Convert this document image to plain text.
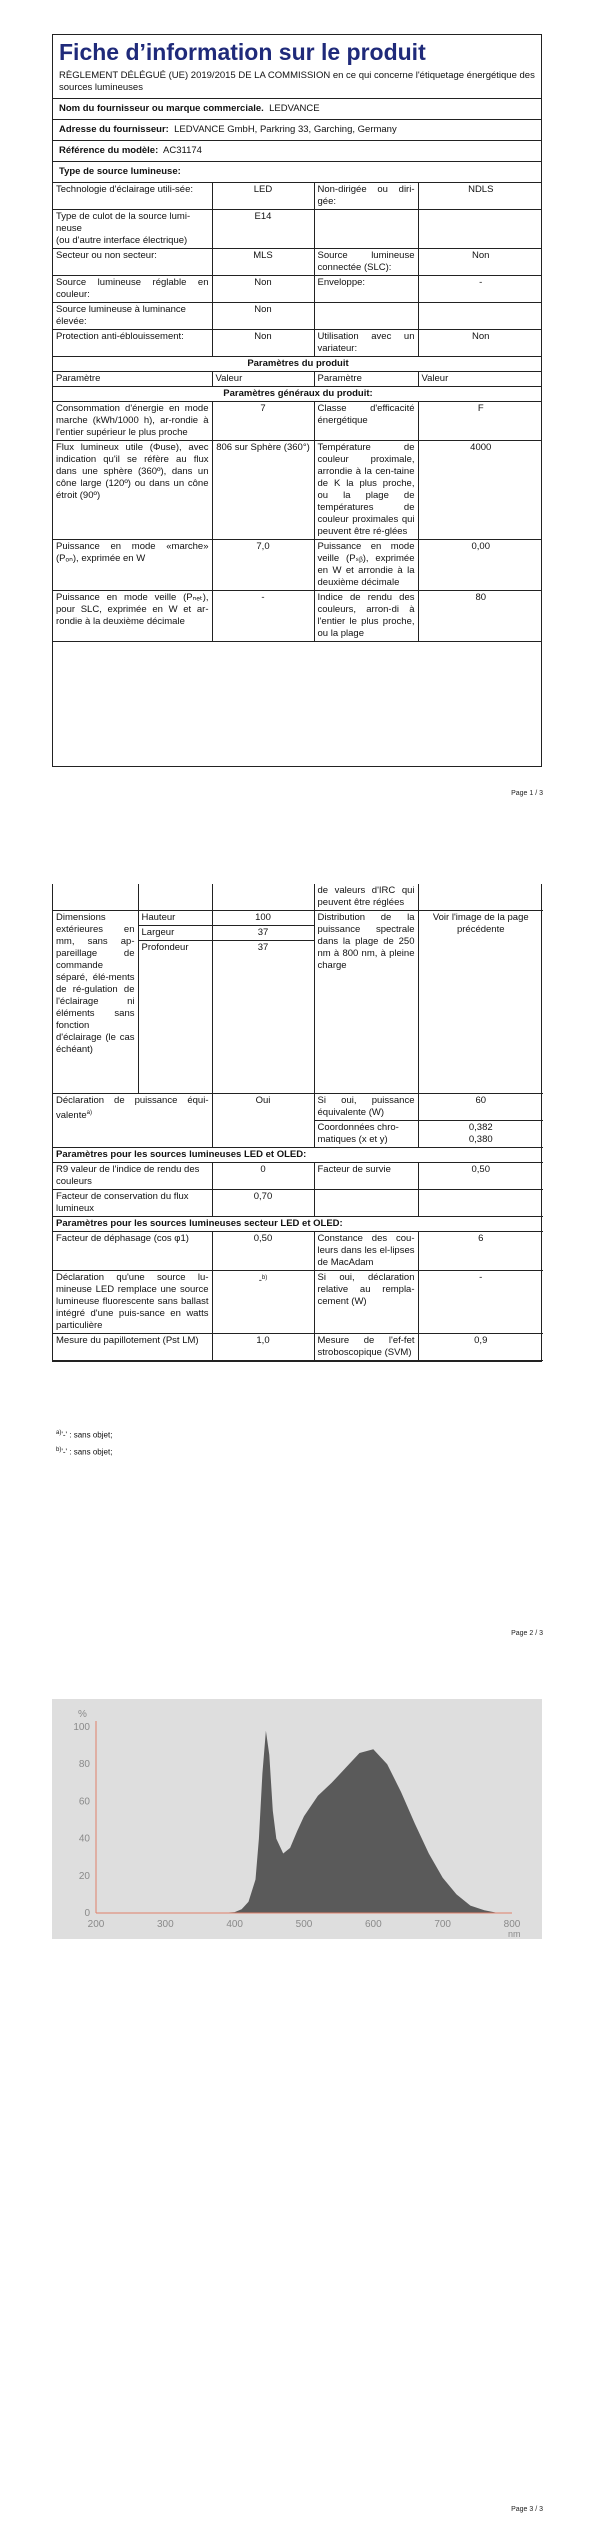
Fiche d’information sur le produit
RÈGLEMENT DÉLÉGUÉ (UE) 2019/2015 DE LA COMMISSION en ce qui concerne l'étiquetage énergétique des sources lumineuses
Nom du fournisseur ou marque commerciale. LEDVANCE
Adresse du fournisseur: LEDVANCE GmbH, Parkring 33, Garching, Germany
Référence du modèle: AC31174
Type de source lumineuse:
Technologie d'éclairage utili-sée:	LED	Non-dirigée ou diri-gée:	NDLS

Type de culot de la source lumi-neuse
(ou d'autre interface électrique)	E14		
Secteur ou non secteur:	MLS	Source lumineuse connectée (SLC):	Non
Source lumineuse réglable en couleur:	Non	Enveloppe:	-
Source lumineuse à luminance élevée:	Non		
Protection anti-éblouissement:	Non	Utilisation avec un variateur:	Non
Paramètres du produit			
Paramètre	Valeur	Paramètre	Valeur
Paramètres généraux du produit:			
Consommation d'énergie en mode marche (kWh/1000 h), ar-rondie à l'entier supérieur le plus proche	7	Classe d'efficacité énergétique	F
Flux lumineux utile (Φuse), avec indication qu'il se réfère au flux dans une sphère (360º), dans un cône large (120º) ou dans un cône étroit (90º)	806 sur Sphère (360°)	Température de couleur proximale, arrondie à la cen-taine de K la plus proche, ou la plage de températures de couleur proximales qui peuvent être ré-glées	4000
Puissance en mode «marche» (Pₒₙ), exprimée en W	7,0	Puissance en mode veille (Pₛᵦ), exprimée en W et arrondie à la deuxième décimale	0,00
Puissance en mode veille (Pₙₑₜ), pour SLC, exprimée en W et ar-rondie à la deuxième décimale	-	Indice de rendu des couleurs, arron-di à l'entier le plus proche, ou la plage	80
Page 1 / 3
			de valeurs d'IRC qui peuvent être réglées	
Dimensions extérieures en mm, sans ap-pareillage de commande séparé, élé-ments de ré-gulation de l'éclairage ni éléments sans fonction d'éclairage (le cas échéant)	Hauteur	100	Distribution de la puissance spectrale dans la plage de 250 nm à 800 nm, à pleine charge	Voir l'image de la page précédente
	Largeur	37		
	Profondeur	37		
Déclaration de puissance équi-valente$^{a)}$		Oui	Si oui, puissance équivalente (W)	60
			Coordonnées chro-matiques (x et y)	0,382
0,380

Paramètres pour les sources lumineuses LED et OLED:				
R9 valeur de l'indice de rendu des couleurs		0	Facteur de survie	0,50
Facteur de conservation du flux lumineux		0,70		
Paramètres pour les sources lumineuses secteur LED et OLED:				
Facteur de déphasage (cos φ1)		0,50	Constance des cou-leurs dans les el-lipses de MacAdam	6
Déclaration qu'une source lu-mineuse LED remplace une source lumineuse fluorescente sans ballast intégré d'une puis-sance en watts particulière		-$^{b)}$	Si oui, déclaration relative au rempla-cement (W)	-
Mesure du papillotement (Pst LM)		1,0	Mesure de l'ef-fet stroboscopique (SVM)	0,9
$^{a)}$'-' : sans objet;
$^{b)}$'-' : sans objet;
Page 2 / 3
0
20
40
60
80
100
200	300	400	500	600	700	800
%
nm
Page 3 / 3
